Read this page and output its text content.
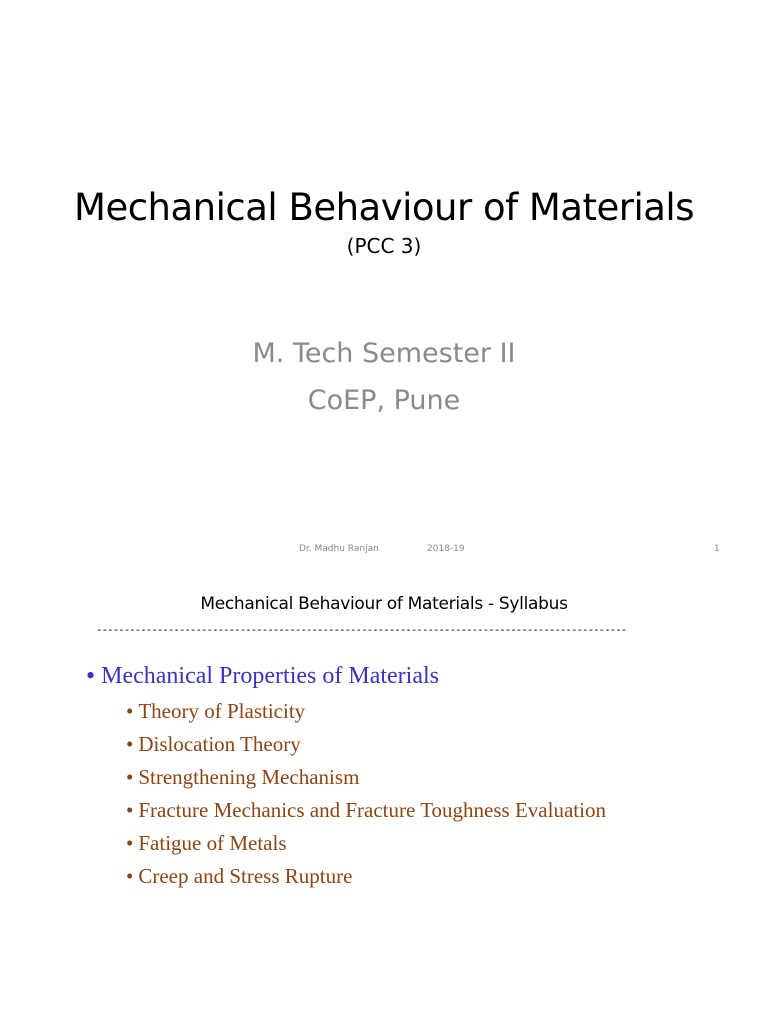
Mechanical Behaviour of Materials
(PCC 3)
M. Tech Semester II
CoEP, Pune
Dr. Madhu Ranjan	2018-19	1
Mechanical Behaviour of Materials - Syllabus
------------------------------------------------------------------------------------------------
• Mechanical Properties of Materials
• Theory of Plasticity
• Dislocation Theory
• Strengthening Mechanism
• Fracture Mechanics and Fracture Toughness Evaluation
• Fatigue of Metals
• Creep and Stress Rupture
